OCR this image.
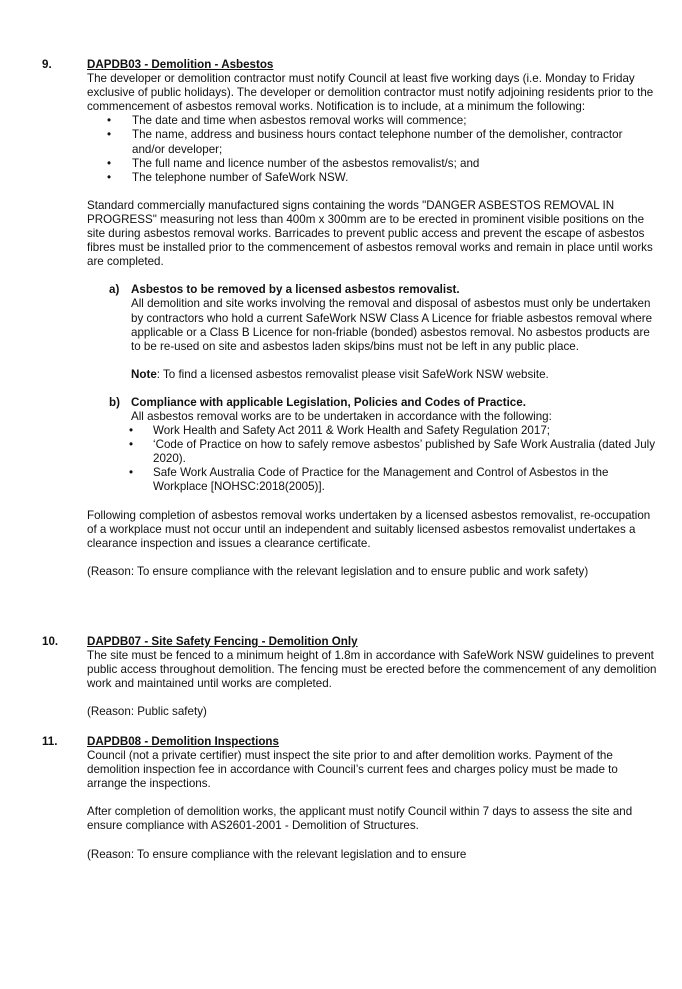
9.	DAPDB03 - Demolition - Asbestos

The developer or demolition contractor must notify Council at least five working days (i.e. Monday to Friday exclusive of public holidays). The developer or demolition contractor must notify adjoining residents prior to the commencement of asbestos removal works. Notification is to include, at a minimum the following:

• The date and time when asbestos removal works will commence;
• The name, address and business hours contact telephone number of the demolisher, contractor and/or developer;
• The full name and licence number of the asbestos removalist/s; and
• The telephone number of SafeWork NSW.

Standard commercially manufactured signs containing the words "DANGER ASBESTOS REMOVAL IN PROGRESS" measuring not less than 400m x 300mm are to be erected in prominent visible positions on the site during asbestos removal works. Barricades to prevent public access and prevent the escape of asbestos fibres must be installed prior to the commencement of asbestos removal works and remain in place until works are completed.

a) Asbestos to be removed by a licensed asbestos removalist.

All demolition and site works involving the removal and disposal of asbestos must only be undertaken by contractors who hold a current SafeWork NSW Class A Licence for friable asbestos removal where applicable or a Class B Licence for non-friable (bonded) asbestos removal. No asbestos products are to be re-used on site and asbestos laden skips/bins must not be left in any public place.

Note: To find a licensed asbestos removalist please visit SafeWork NSW website.

b) Compliance with applicable Legislation, Policies and Codes of Practice.

All asbestos removal works are to be undertaken in accordance with the following:

• Work Health and Safety Act 2011 & Work Health and Safety Regulation 2017;
• ‘Code of Practice on how to safely remove asbestos’ published by Safe Work Australia (dated July 2020).
• Safe Work Australia Code of Practice for the Management and Control of Asbestos in the Workplace [NOHSC:2018(2005)].

Following completion of asbestos removal works undertaken by a licensed asbestos removalist, re-occupation of a workplace must not occur until an independent and suitably licensed asbestos removalist undertakes a clearance inspection and issues a clearance certificate.

(Reason: To ensure compliance with the relevant legislation and to ensure public and work safety)

10. DAPDB07 - Site Safety Fencing - Demolition Only

The site must be fenced to a minimum height of 1.8m in accordance with SafeWork NSW guidelines to prevent public access throughout demolition. The fencing must be erected before the commencement of any demolition work and maintained until works are completed.

(Reason: Public safety)

11.	DAPDB08 - Demolition Inspections

Council (not a private certifier) must inspect the site prior to and after demolition works. Payment of the demolition inspection fee in accordance with Council’s current fees and charges policy must be made to arrange the inspections.

After completion of demolition works, the applicant must notify Council within 7 days to assess the site and ensure compliance with AS2601-2001 - Demolition of Structures.

(Reason: To ensure compliance with the relevant legislation and to ensure
